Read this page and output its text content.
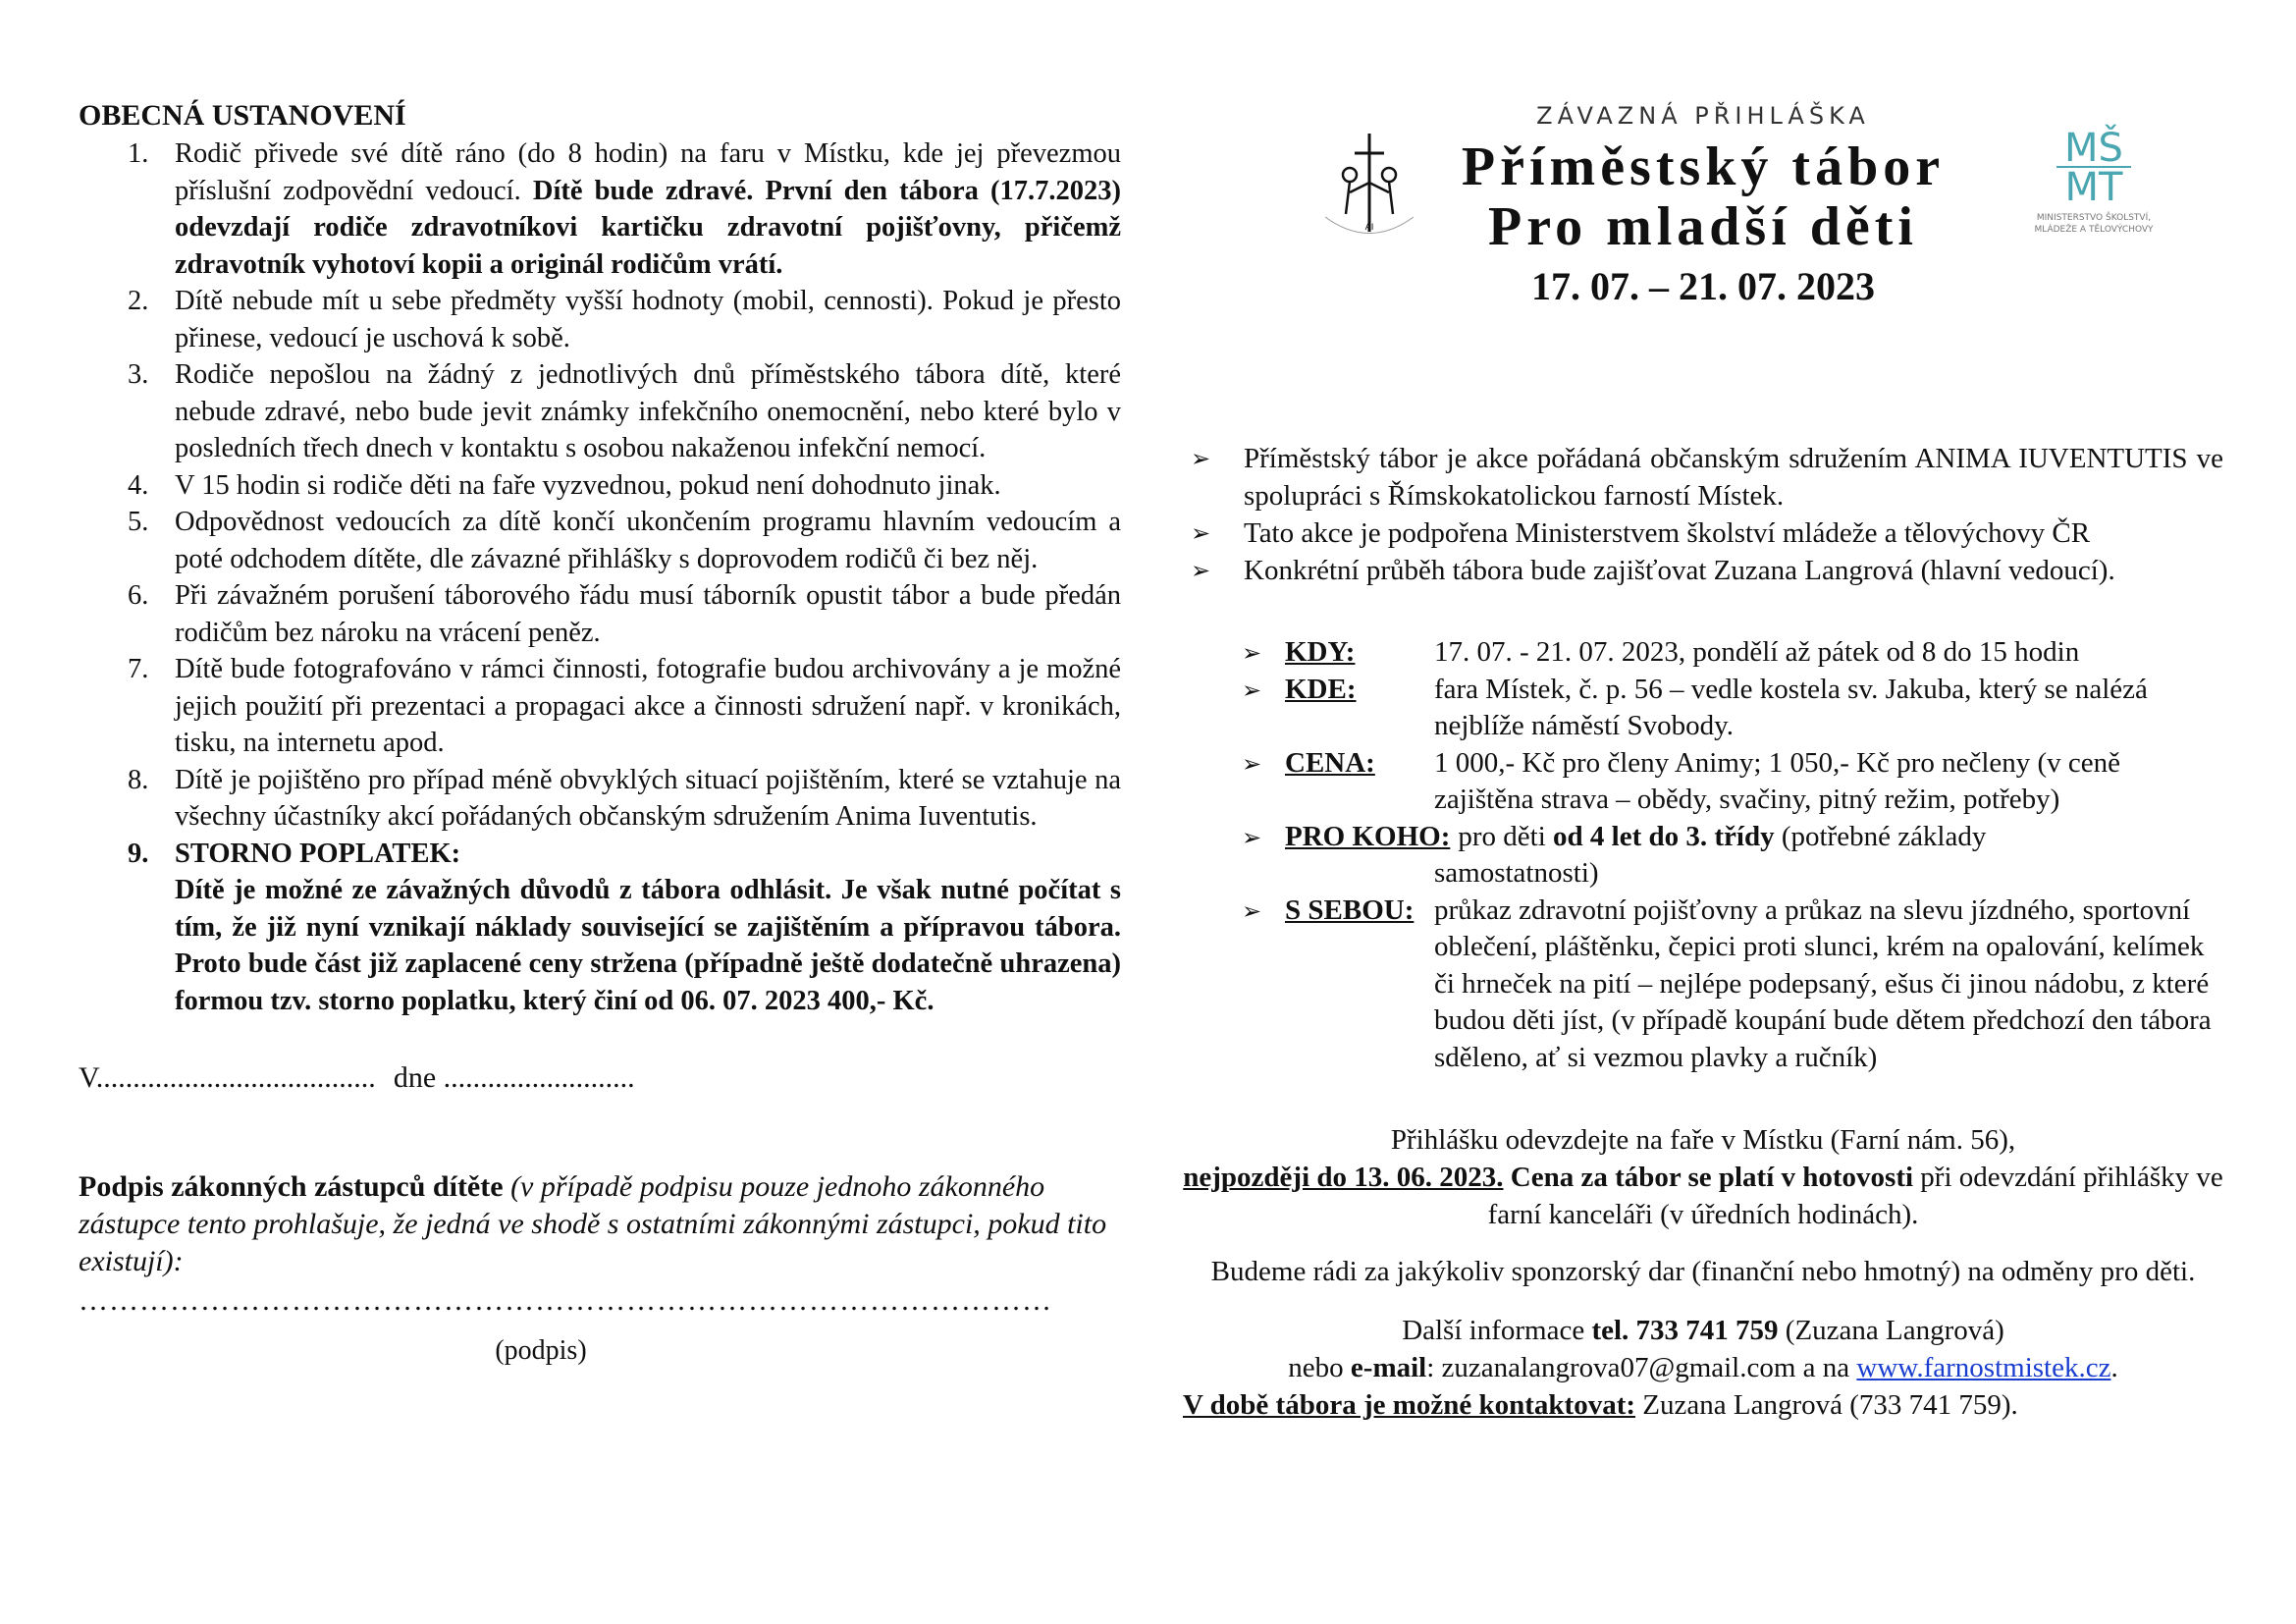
OBECNÁ USTANOVENÍ
1. Rodič přivede své dítě ráno (do 8 hodin) na faru v Místku, kde jej převezmou příslušní zodpovědní vedoucí. Dítě bude zdravé. První den tábora (17.7.2023) odevzdají rodiče zdravotníkovi kartičku zdravotní pojišťovny, přičemž zdravotník vyhotoví kopii a originál rodičům vrátí.
2. Dítě nebude mít u sebe předměty vyšší hodnoty (mobil, cennosti). Pokud je přesto přinese, vedoucí je uschová k sobě.
3. Rodiče nepošlou na žádný z jednotlivých dnů příměstského tábora dítě, které nebude zdravé, nebo bude jevit známky infekčního onemocnění, nebo které bylo v posledních třech dnech v kontaktu s osobou nakaženou infekční nemocí.
4. V 15 hodin si rodiče děti na faře vyzvednou, pokud není dohodnuto jinak.
5. Odpovědnost vedoucích za dítě končí ukončením programu hlavním vedoucím a poté odchodem dítěte, dle závazné přihlášky s doprovodem rodičů či bez něj.
6. Při závažném porušení táborového řádu musí táborník opustit tábor a bude předán rodičům bez nároku na vrácení peněz.
7. Dítě bude fotografováno v rámci činnosti, fotografie budou archivovány a je možné jejich použití při prezentaci a propagaci akce a činnosti sdružení např. v kronikách, tisku, na internetu apod.
8. Dítě je pojištěno pro případ méně obvyklých situací pojištěním, které se vztahuje na všechny účastníky akcí pořádaných občanským sdružením Anima Iuventutis.
9. STORNO POPLATEK:
Dítě je možné ze závažných důvodů z tábora odhlásit. Je však nutné počítat s tím, že již nyní vznikají náklady související se zajištěním a přípravou tábora. Proto bude část již zaplacené ceny stržena (případně ještě dodatečně uhrazena) formou tzv. storno poplatku, který činí od 06. 07. 2023 400,- Kč.
V...................................... dne ..........................
Podpis zákonných zástupců dítěte (v případě podpisu pouze jednoho zákonného zástupce tento prohlašuje, že jedná ve shodě s ostatními zákonnými zástupci, pokud tito existují):
……………………………………………………………………………………
(podpis)
AI
MŠ
MT
MINISTERSTVO ŠKOLSTVÍ,
MLÁDEŽE A TĚLOVÝCHOVY
ZÁVAZNÁ PŘIHLÁŠKA
Příměstský tábor
Pro mladší děti
17. 07. – 21. 07. 2023
➢ Příměstský tábor je akce pořádaná občanským sdružením ANIMA IUVENTUTIS ve spolupráci s Římskokatolickou farností Místek.
➢ Tato akce je podpořena Ministerstvem školství mládeže a tělovýchovy ČR
➢ Konkrétní průběh tábora bude zajišťovat Zuzana Langrová (hlavní vedoucí).
➢ KDY:	17. 07. - 21. 07. 2023, pondělí až pátek od 8 do 15 hodin
➢ KDE:	fara Místek, č. p. 56 – vedle kostela sv. Jakuba, který se nalézá nejblíže náměstí Svobody.
➢ CENA:	1 000,- Kč pro členy Animy; 1 050,- Kč pro nečleny (v ceně zajištěna strava – obědy, svačiny, pitný režim, potřeby)
➢ PRO KOHO: pro děti od 4 let do 3. třídy (potřebné základy
samostatnosti)
➢ S SEBOU: průkaz zdravotní pojišťovny a průkaz na slevu jízdného, sportovní oblečení, pláštěnku, čepici proti slunci, krém na opalování, kelímek či hrneček na pití – nejlépe podepsaný, ešus či jinou nádobu, z které budou děti jíst, (v případě koupání bude dětem předchozí den tábora sděleno, ať si vezmou plavky a ručník)
Přihlášku odevzdejte na faře v Místku (Farní nám. 56),
nejpozději do 13. 06. 2023. Cena za tábor se platí v hotovosti při odevzdání přihlášky ve farní kanceláři (v úředních hodinách).
Budeme rádi za jakýkoliv sponzorský dar (finanční nebo hmotný) na odměny pro děti.
Další informace tel. 733 741 759 (Zuzana Langrová)
nebo e-mail: zuzanalangrova07@gmail.com a na www.farnostmistek.cz.
V době tábora je možné kontaktovat: Zuzana Langrová (733 741 759).
